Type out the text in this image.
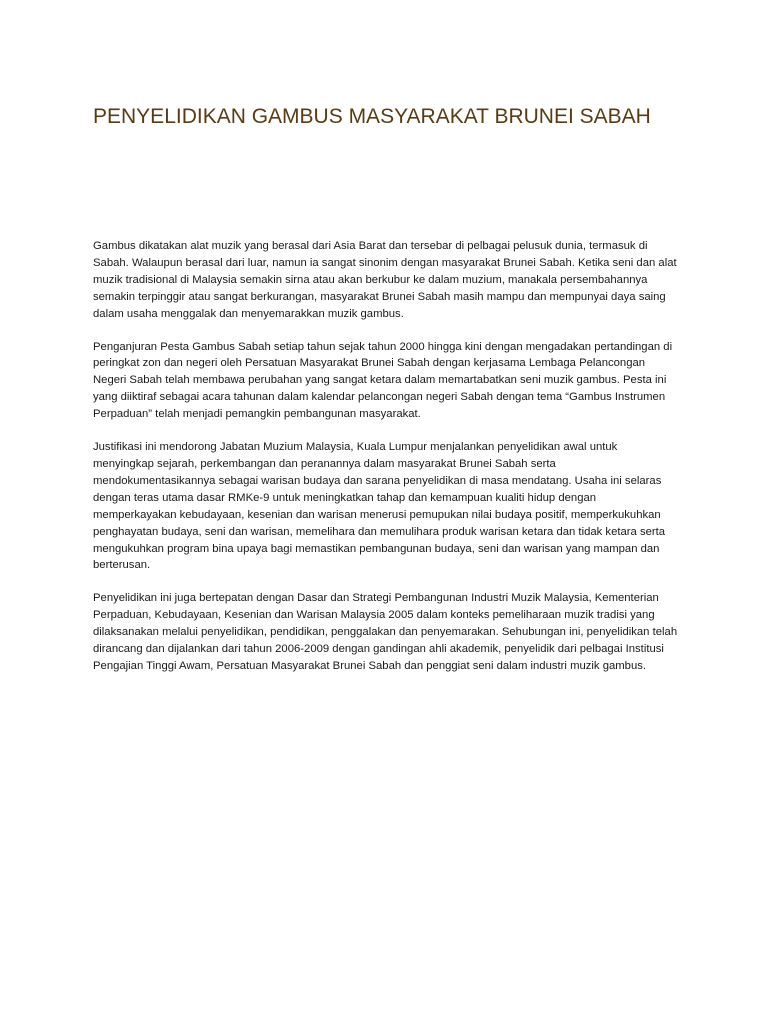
PENYELIDIKAN GAMBUS MASYARAKAT BRUNEI SABAH

Gambus dikatakan alat muzik yang berasal dari Asia Barat dan tersebar di pelbagai pelusuk dunia, termasuk di Sabah. Walaupun berasal dari luar, namun ia sangat sinonim dengan masyarakat Brunei Sabah. Ketika seni dan alat muzik tradisional di Malaysia semakin sirna atau akan berkubur ke dalam muzium, manakala persembahannya semakin terpinggir atau sangat berkurangan, masyarakat Brunei Sabah masih mampu dan mempunyai daya saing dalam usaha menggalak dan menyemarakkan muzik gambus.

Penganjuran Pesta Gambus Sabah setiap tahun sejak tahun 2000 hingga kini dengan mengadakan pertandingan di peringkat zon dan negeri oleh Persatuan Masyarakat Brunei Sabah dengan kerjasama Lembaga Pelancongan Negeri Sabah telah membawa perubahan yang sangat ketara dalam memartabatkan seni muzik gambus. Pesta ini yang diiktiraf sebagai acara tahunan dalam kalendar pelancongan negeri Sabah dengan tema “Gambus Instrumen Perpaduan” telah menjadi pemangkin pembangunan masyarakat.

Justifikasi ini mendorong Jabatan Muzium Malaysia, Kuala Lumpur menjalankan penyelidikan awal untuk menyingkap sejarah, perkembangan dan peranannya dalam masyarakat Brunei Sabah serta mendokumentasikannya sebagai warisan budaya dan sarana penyelidikan di masa mendatang. Usaha ini selaras dengan teras utama dasar RMKe-9 untuk meningkatkan tahap dan kemampuan kualiti hidup dengan memperkayakan kebudayaan, kesenian dan warisan menerusi pemupukan nilai budaya positif, memperkukuhkan penghayatan budaya, seni dan warisan, memelihara dan memulihara produk warisan ketara dan tidak ketara serta mengukuhkan program bina upaya bagi memastikan pembangunan budaya, seni dan warisan yang mampan dan berterusan.

Penyelidikan ini juga bertepatan dengan Dasar dan Strategi Pembangunan Industri Muzik Malaysia, Kementerian Perpaduan, Kebudayaan, Kesenian dan Warisan Malaysia 2005 dalam konteks pemeliharaan muzik tradisi yang dilaksanakan melalui penyelidikan, pendidikan, penggalakan dan penyemarakan. Sehubungan ini, penyelidikan telah dirancang dan dijalankan dari tahun 2006-2009 dengan gandingan ahli akademik, penyelidik dari pelbagai Institusi Pengajian Tinggi Awam, Persatuan Masyarakat Brunei Sabah dan penggiat seni dalam industri muzik gambus.
